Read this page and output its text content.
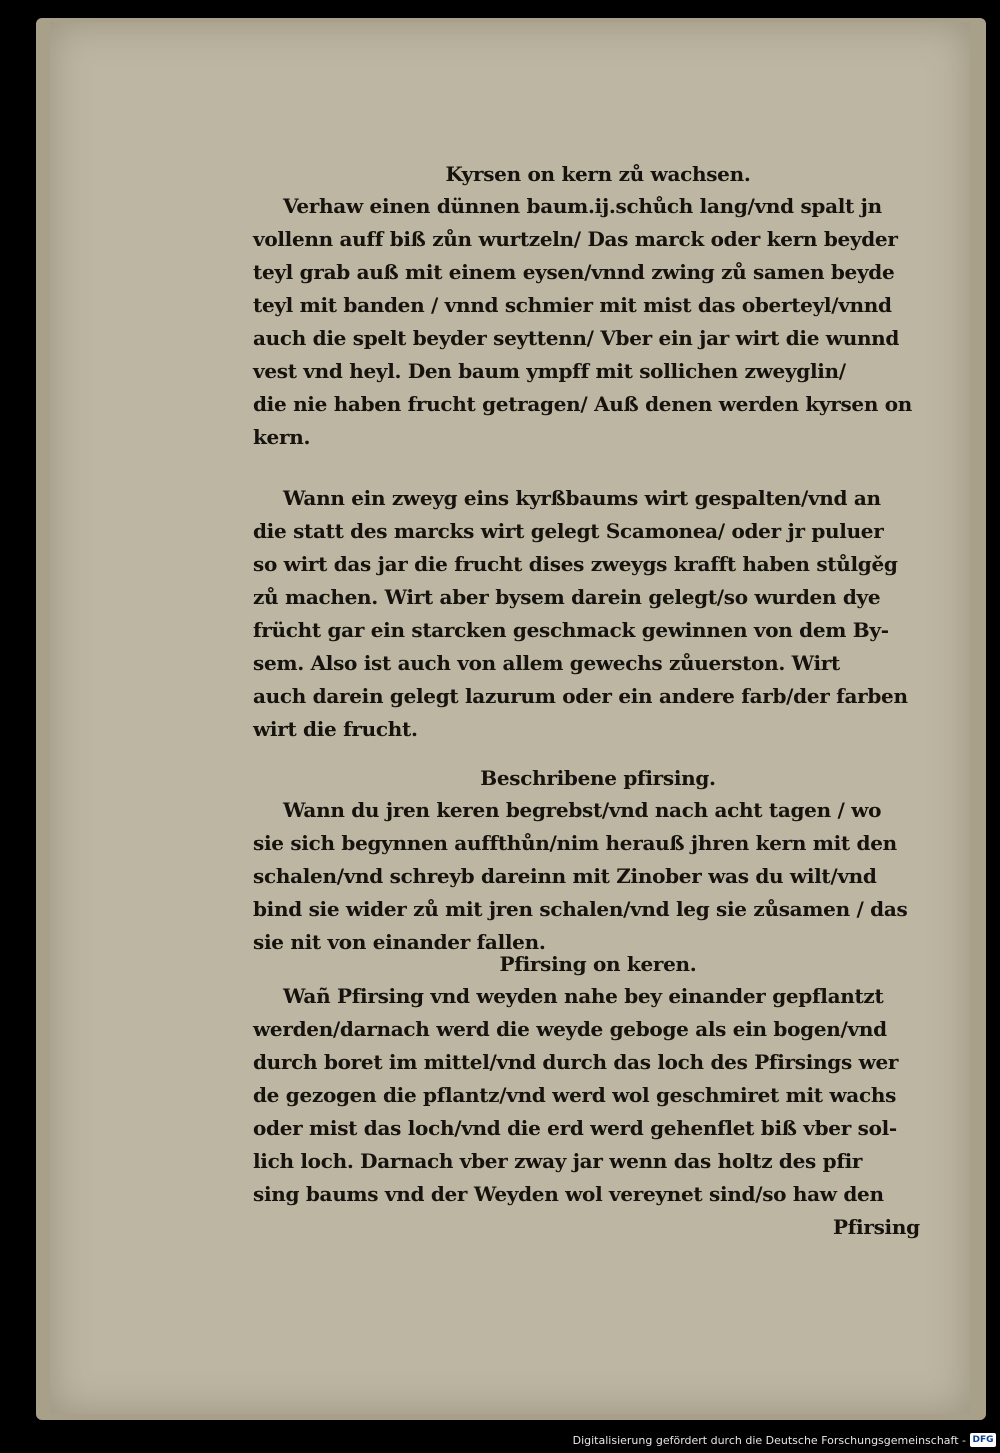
Kyrsen on kern zů wachsen.
Verhaw einen dünnen baum.ij.schůch lang/vnd spalt jn
vollenn auff biß zůn wurtzeln/ Das marck oder kern beyder
teyl grab auß mit einem eysen/vnnd zwing zů samen beyde
teyl mit banden / vnnd schmier mit mist das oberteyl/vnnd
auch die spelt beyder seyttenn/ Vber ein jar wirt die wunnd
vest vnd heyl. Den baum ympff mit sollichen zweyglin/
die nie haben frucht getragen/ Auß denen werden kyrsen on
kern.
Wann ein zweyg eins kyrßbaums wirt gespalten/vnd an
die statt des marcks wirt gelegt Scamonea/ oder jr puluer
so wirt das jar die frucht dises zweygs krafft haben stůlgěg
zů machen. Wirt aber bysem darein gelegt/so wurden dye
frücht gar ein starcken geschmack gewinnen von dem By-
sem. Also ist auch von allem gewechs zůuerston. Wirt
auch darein gelegt lazurum oder ein andere farb/der farben
wirt die frucht.
Beschribene pfirsing.
Wann du jren keren begrebst/vnd nach acht tagen / wo
sie sich begynnen auffthůn/nim herauß jhren kern mit den
schalen/vnd schreyb dareinn mit Zinober was du wilt/vnd
bind sie wider zů mit jren schalen/vnd leg sie zůsamen / das
sie nit von einander fallen.
Pfirsing on keren.
Wañ Pfirsing vnd weyden nahe bey einander gepflantzt
werden/darnach werd die weyde geboge als ein bogen/vnd
durch boret im mittel/vnd durch das loch des Pfirsings wer
de gezogen die pflantz/vnd werd wol geschmiret mit wachs
oder mist das loch/vnd die erd werd gehenflet biß vber sol-
lich loch. Darnach vber zway jar wenn das holtz des pfir
sing baums vnd der Weyden wol vereynet sind/so haw den
Pfirsing
Digitalisierung gefördert durch die Deutsche Forschungsgemeinschaft - DFG
